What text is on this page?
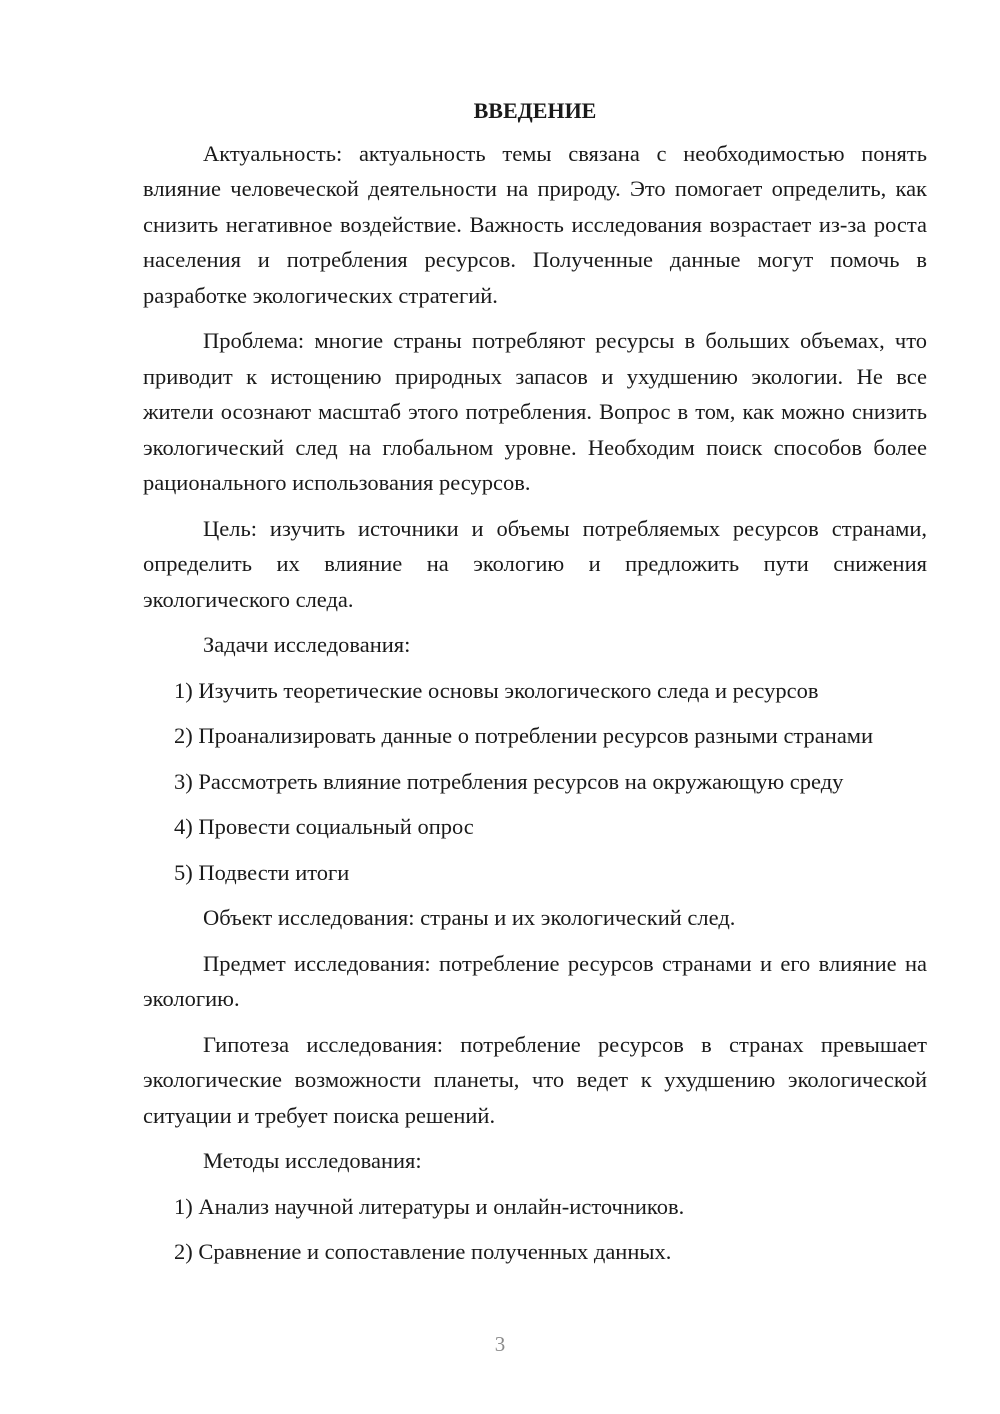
ВВЕДЕНИЕ

Актуальность: актуальность темы связана с необходимостью понять влияние человеческой деятельности на природу. Это помогает определить, как снизить негативное воздействие. Важность исследования возрастает из-за роста населения и потребления ресурсов. Полученные данные могут помочь в разработке экологических стратегий.

Проблема: многие страны потребляют ресурсы в больших объемах, что приводит к истощению природных запасов и ухудшению экологии. Не все жители осознают масштаб этого потребления. Вопрос в том, как можно снизить экологический след на глобальном уровне. Необходим поиск способов более рационального использования ресурсов.

Цель: изучить источники и объемы потребляемых ресурсов странами, определить их влияние на экологию и предложить пути снижения экологического следа.

Задачи исследования:

1) Изучить теоретические основы экологического следа и ресурсов

2) Проанализировать данные о потреблении ресурсов разными странами

3) Рассмотреть влияние потребления ресурсов на окружающую среду

4) Провести социальный опрос

5) Подвести итоги

Объект исследования: страны и их экологический след.

Предмет исследования: потребление ресурсов странами и его влияние на экологию.

Гипотеза исследования: потребление ресурсов в странах превышает экологические возможности планеты, что ведет к ухудшению экологической ситуации и требует поиска решений.

Методы исследования:

1) Анализ научной литературы и онлайн-источников.

2) Сравнение и сопоставление полученных данных.

3
